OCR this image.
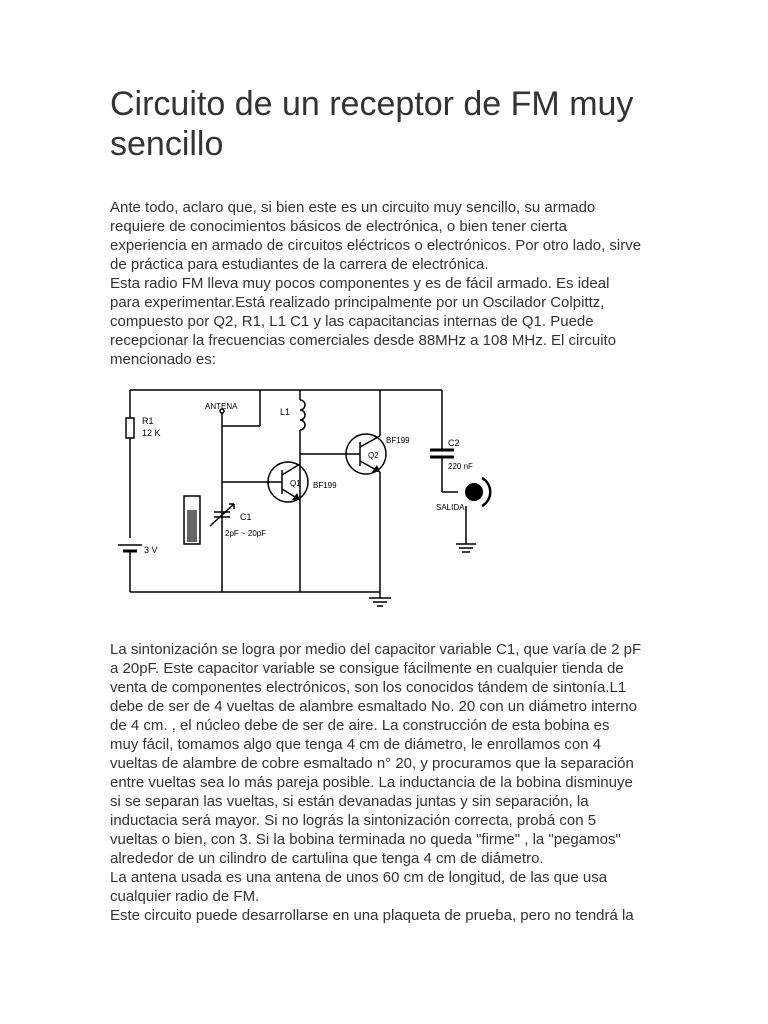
Circuito de un receptor de FM muy
sencillo
Ante todo, aclaro que, si bien este es un circuito muy sencillo, su armado
requiere de conocimientos básicos de electrónica, o bien tener cierta
experiencia en armado de circuitos eléctricos o electrónicos. Por otro lado, sirve
de práctica para estudiantes de la carrera de electrónica.
Esta radio FM lleva muy pocos componentes y es de fácil armado. Es ideal
para experimentar.Está realizado principalmente por un Oscilador Colpittz,
compuesto por Q2, R1, L1 C1 y las capacitancias internas de Q1. Puede
recepcionar la frecuencias comerciales desde 88MHz a 108 MHz. El circuito
mencionado es:
R1
12 K
ANTENA
L1
Q1 BF199
Q2
BF199	C2
220 nF
SALIDA
C1
2pF ~ 20pF
3 V
La sintonización se logra por medio del capacitor variable C1, que varía de 2 pF
a 20pF. Este capacitor variable se consigue fácilmente en cualquier tienda de
venta de componentes electrónicos, son los conocidos tándem de sintonía.L1
debe de ser de 4 vueltas de alambre esmaltado No. 20 con un diámetro interno
de 4 cm. , el núcleo debe de ser de aire. La construcción de esta bobina es
muy fácil, tomamos algo que tenga 4 cm de diámetro, le enrollamos con 4
vueltas de alambre de cobre esmaltado n° 20, y procuramos que la separación
entre vueltas sea lo más pareja posible. La inductancia de la bobina disminuye
si se separan las vueltas, si están devanadas juntas y sin separación, la
inductacia será mayor. Si no lográs la sintonización correcta, probá con 5
vueltas o bien, con 3. Si la bobina terminada no queda "firme" , la "pegamos"
alrededor de un cilindro de cartulina que tenga 4 cm de diámetro.
La antena usada es una antena de unos 60 cm de longitud, de las que usa
cualquier radio de FM.
Este circuito puede desarrollarse en una plaqueta de prueba, pero no tendrá la
